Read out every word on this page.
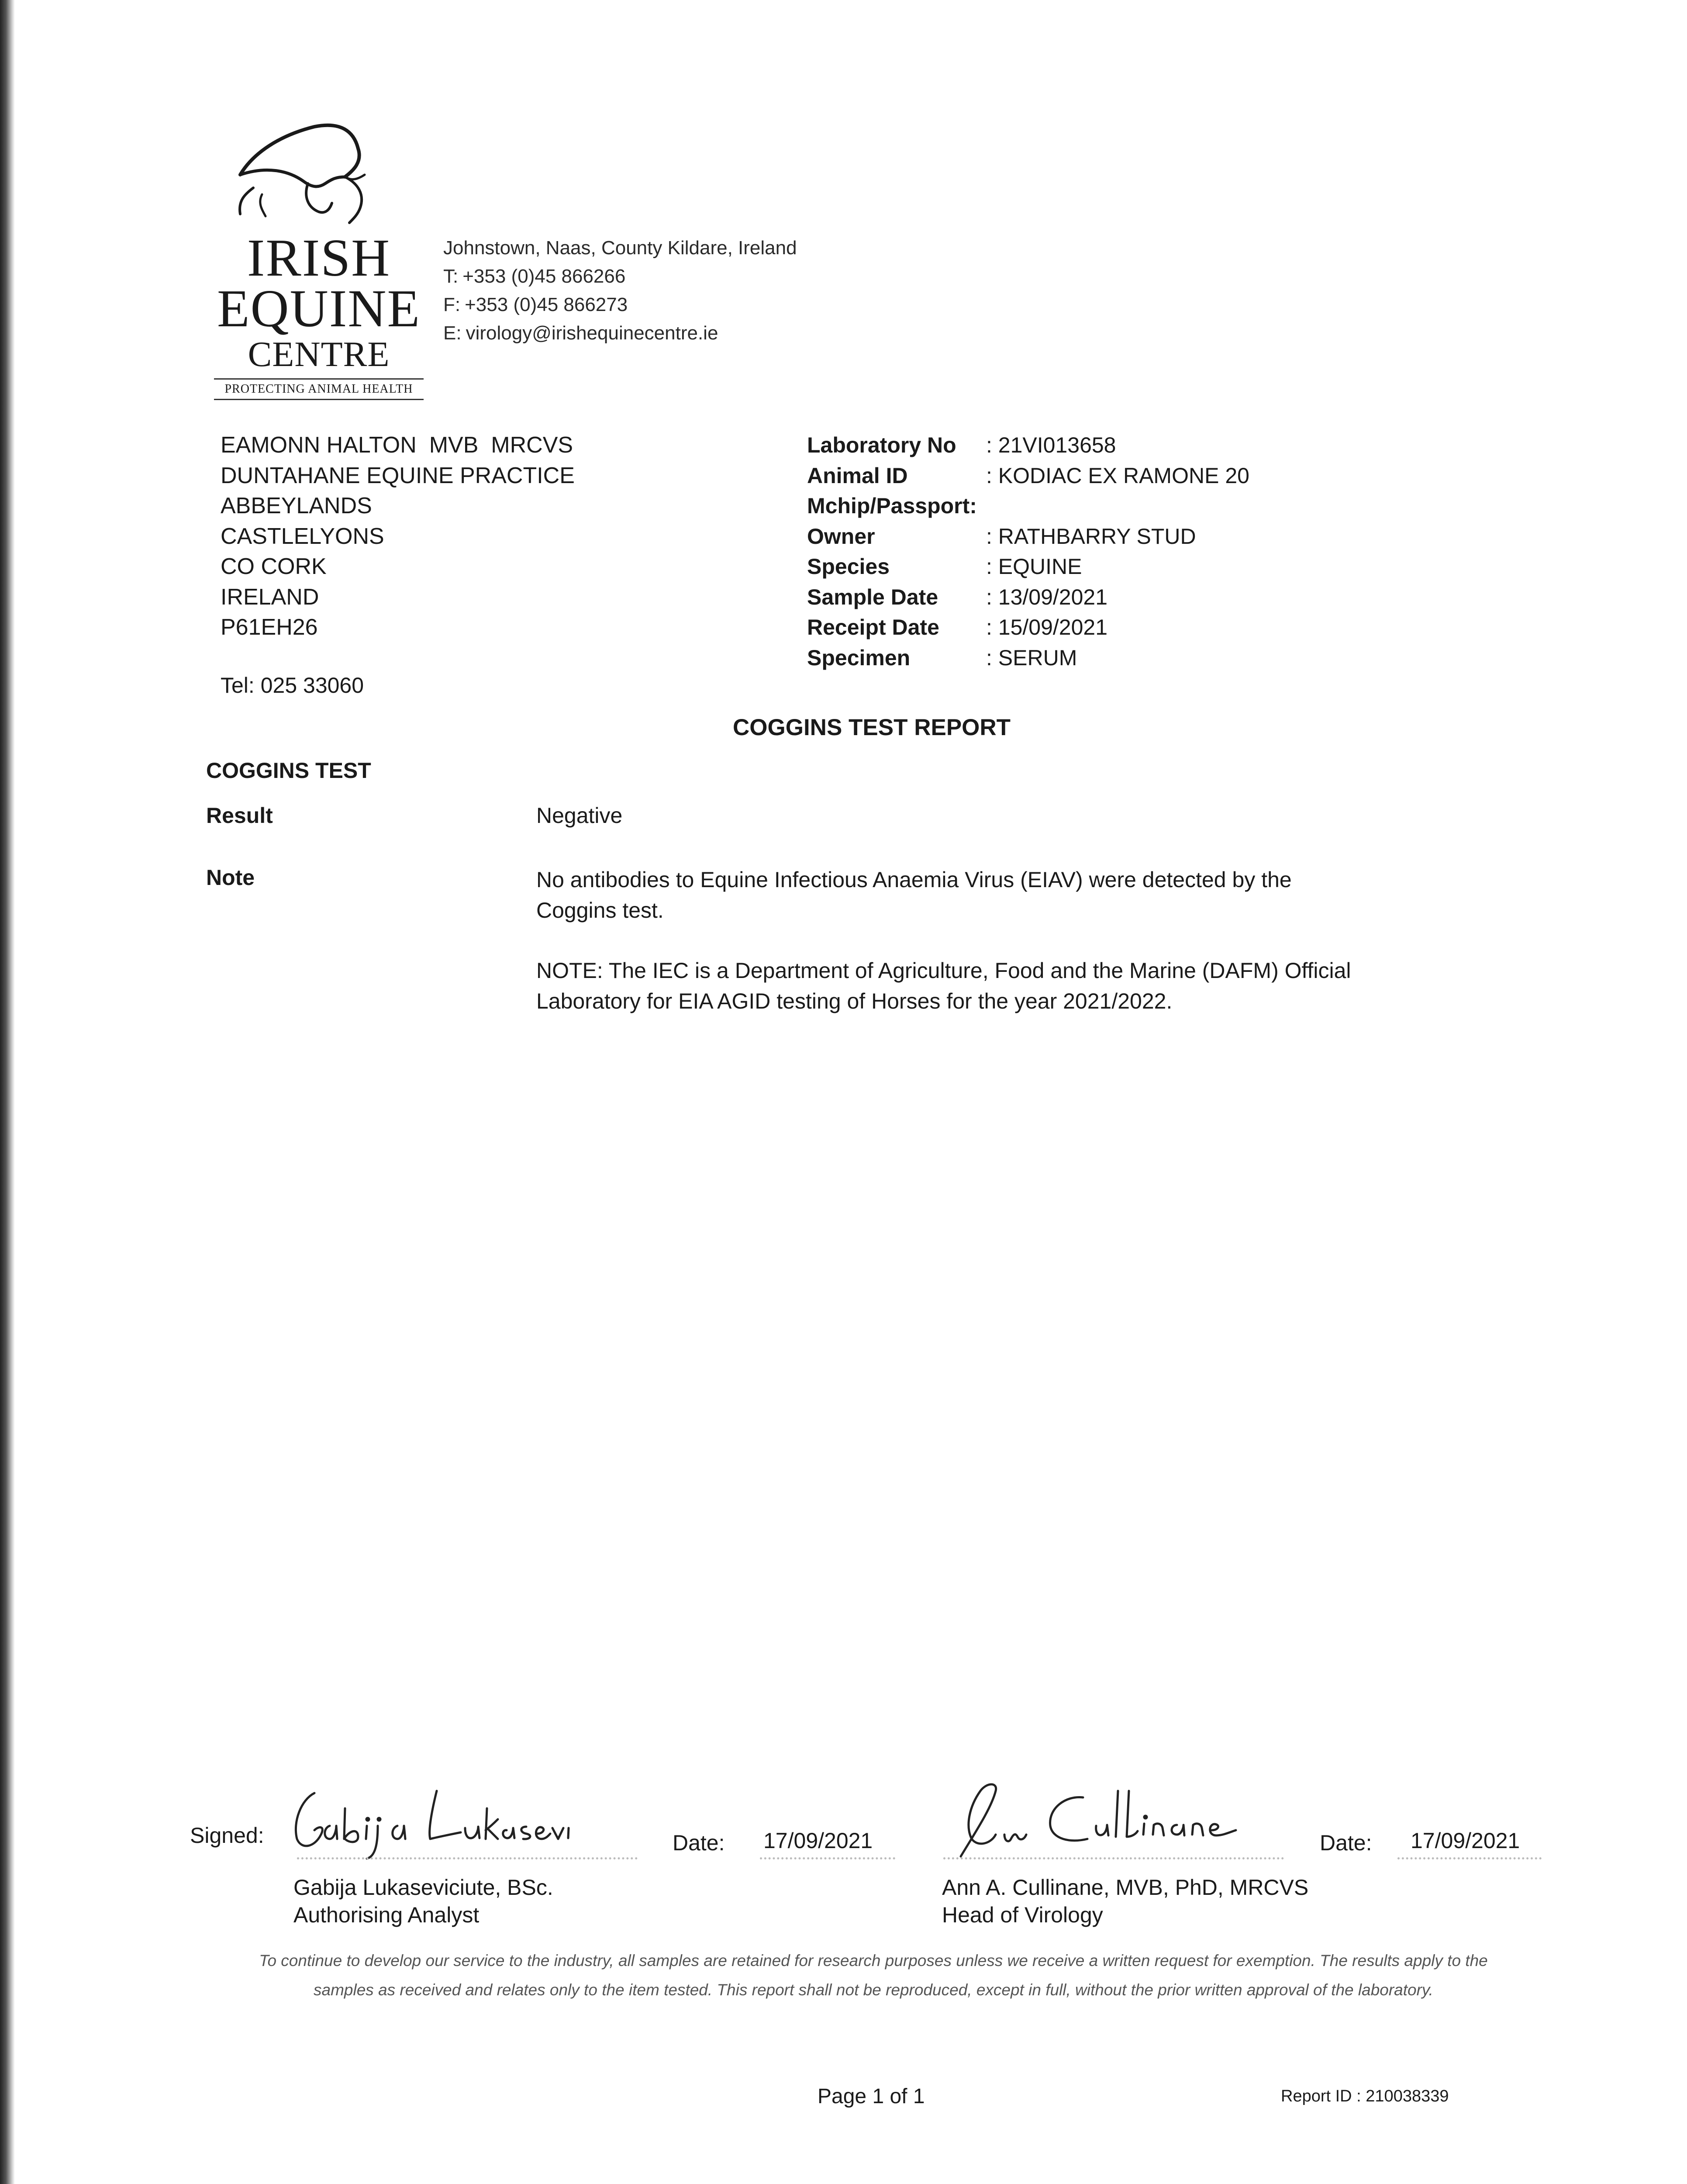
IRISH
EQUINE
CENTRE
PROTECTING ANIMAL HEALTH
Johnstown, Naas, County Kildare, Ireland
T: +353 (0)45 866266
F: +353 (0)45 866273
E: virology@irishequinecentre.ie
EAMONN HALTON  MVB  MRCVS
DUNTAHANE EQUINE PRACTICE
ABBEYLANDS
CASTLELYONS
CO CORK
IRELAND
P61EH26
Tel: 025 33060
Laboratory No	: 21VI013658
Animal ID	: KODIAC EX RAMONE 20
Mchip/Passport:
Owner	: RATHBARRY STUD
Species	: EQUINE
Sample Date	: 13/09/2021
Receipt Date	: 15/09/2021
Specimen	: SERUM
COGGINS TEST REPORT
COGGINS TEST
Result	Negative
Note	No antibodies to Equine Infectious Anaemia Virus (EIAV) were detected by the Coggins test.
NOTE: The IEC is a Department of Agriculture, Food and the Marine (DAFM) Official Laboratory for EIA AGID testing of Horses for the year 2021/2022.
Signed:	Date: 17/09/2021	Date: 17/09/2021
Gabija Lukaseviciute, BSc.
Authorising Analyst
Ann A. Cullinane, MVB, PhD, MRCVS
Head of Virology
To continue to develop our service to the industry, all samples are retained for research purposes unless we receive a written request for exemption. The results apply to the samples as received and relates only to the item tested. This report shall not be reproduced, except in full, without the prior written approval of the laboratory.
Page 1 of 1	Report ID : 210038339
